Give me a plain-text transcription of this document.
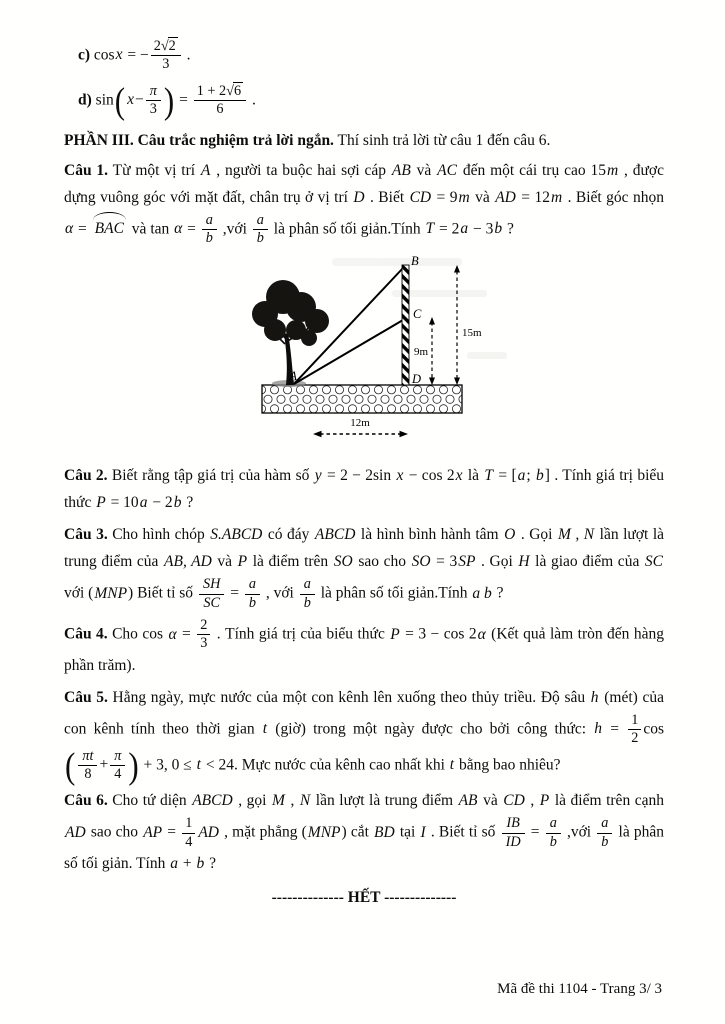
c) cosx = − $\frac{2√2}{3}$ .
d) sin ( $x - \frac{\pi}{3}$ ) = $\frac{1 + 2√6}{6}$ .
PHẦN III. Câu trắc nghiệm trả lời ngắn. Thí sinh trả lời từ câu 1 đến câu 6.
Câu 1. Từ một vị trí A , người ta buộc hai sợi cáp AB và AC đến một cái trụ cao 15m , được dựng vuông góc với mặt đất, chân trụ ở vị trí D . Biết CD = 9m và AD = 12m . Biết góc nhọn α = BAC và $\tan \alpha = \frac{a}{b}$ ,với $\frac{a}{b}$ là phân số tối giản.Tính T = 2a − 3b ?
B
C
D
A
9m
15m
12m
Câu 2. Biết rằng tập giá trị của hàm số y = 2 − 2sin x − cos 2x là T = [a; b] . Tính giá trị biểu thức P = 10a − 2b ?
Câu 3. Cho hình chóp S.ABCD có đáy ABCD là hình bình hành tâm O . Gọi M , N lần lượt là trung điểm của AB, AD và P là điểm trên SO sao cho SO = 3SP . Gọi H là giao điểm của SC với (MNP) Biết tỉ số $\frac{SH}{SC} = \frac{a}{b}$ , với $\frac{a}{b}$ là phân số tối giản.Tính a b ?
Câu 4. Cho $\cos \alpha = \frac{2}{3}$ . Tính giá trị của biểu thức P = 3 − cos 2α (Kết quả làm tròn đến hàng phần trăm).
Câu 5. Hằng ngày, mực nước của một con kênh lên xuống theo thủy triều. Độ sâu h (mét) của con kênh tính theo thời gian t (giờ) trong một ngày được cho bởi công thức: $h = \frac{1}{2}$ cos
( $\frac{\pi t}{8} + \frac{\pi}{4}$ ) + 3, 0 ≤ t < 24. Mực nước của kênh cao nhất khi t bằng bao nhiêu?
Câu 6. Cho tứ diện ABCD , gọi M , N lần lượt là trung điểm AB và CD , P là điểm trên cạnh AD sao cho AP = $\frac{1}{4}$ AD , mặt phẳng (MNP) cắt BD tại I . Biết tỉ số $\frac{IB}{ID} = \frac{a}{b}$ ,với $\frac{a}{b}$ là phân số tối giản. Tính a + b ?
-------------- HẾT --------------
Mã đề thi 1104 - Trang 3/ 3
